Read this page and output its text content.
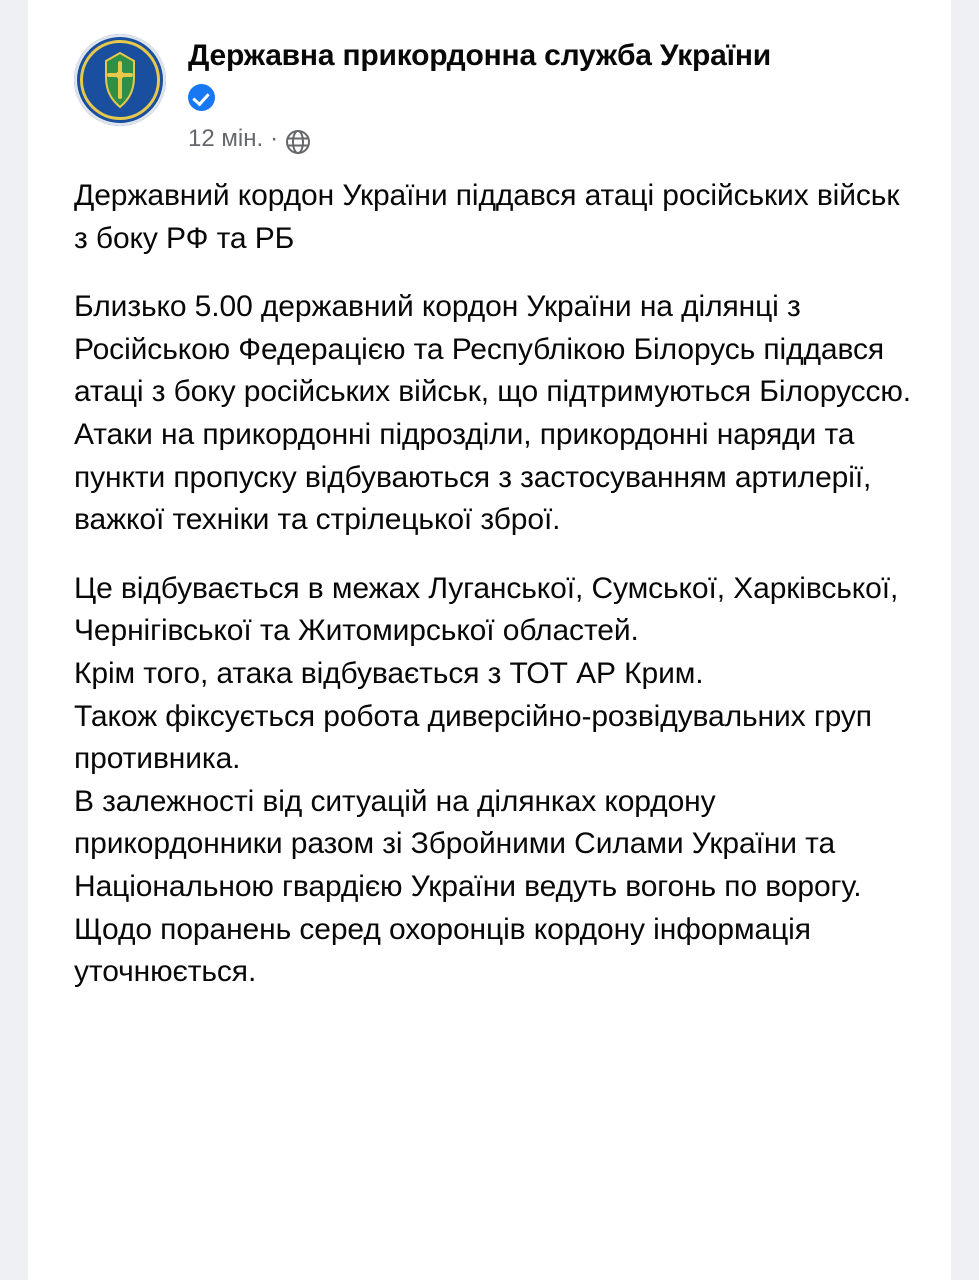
Державна прикордонна служба України
12 мін. ·

Державний кордон України піддався атаці російських військ з боку РФ та РБ

Близько 5.00 державний кордон України на ділянці з Російською Федерацією та Республікою Білорусь піддався атаці з боку російських військ, що підтримуються Білоруссю. Атаки на прикордонні підрозділи, прикордонні наряди та пункти пропуску відбуваються з застосуванням артилерії, важкої техніки та стрілецької зброї.

Це відбувається в межах Луганської, Сумської, Харківської, Чернігівської та Житомирської областей.

Крім того, атака відбувається з ТОТ АР Крим.

Також фіксується робота диверсійно-розвідувальних груп противника.

В залежності від ситуацій на ділянках кордону прикордонники разом зі Збройними Силами України та Національною гвардією України ведуть вогонь по ворогу.

Щодо поранень серед охоронців кордону інформація уточнюється.
